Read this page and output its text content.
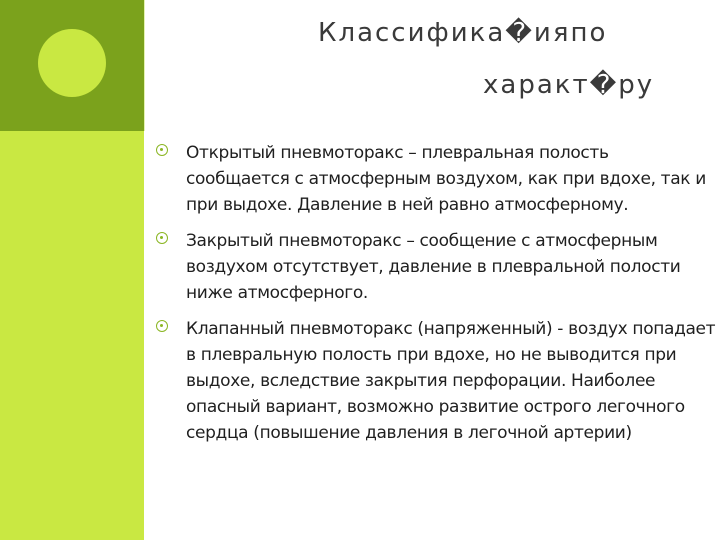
Классифика�ияпо
характ�ру
Открытый пневмоторакс – плевральная полость сообщается с атмосферным воздухом, как при вдохе, так и при выдохе. Давление в ней равно атмосферному.
Закрытый пневмоторакс – сообщение с атмосферным воздухом отсутствует, давление в плевральной полости ниже атмосферного.
Клапанный пневмоторакс (напряженный) - воздух попадает в плевральную полость при вдохе, но не выводится при выдохе, вследствие закрытия перфорации. Наиболее опасный вариант, возможно развитие острого легочного сердца (повышение давления в легочной артерии)
